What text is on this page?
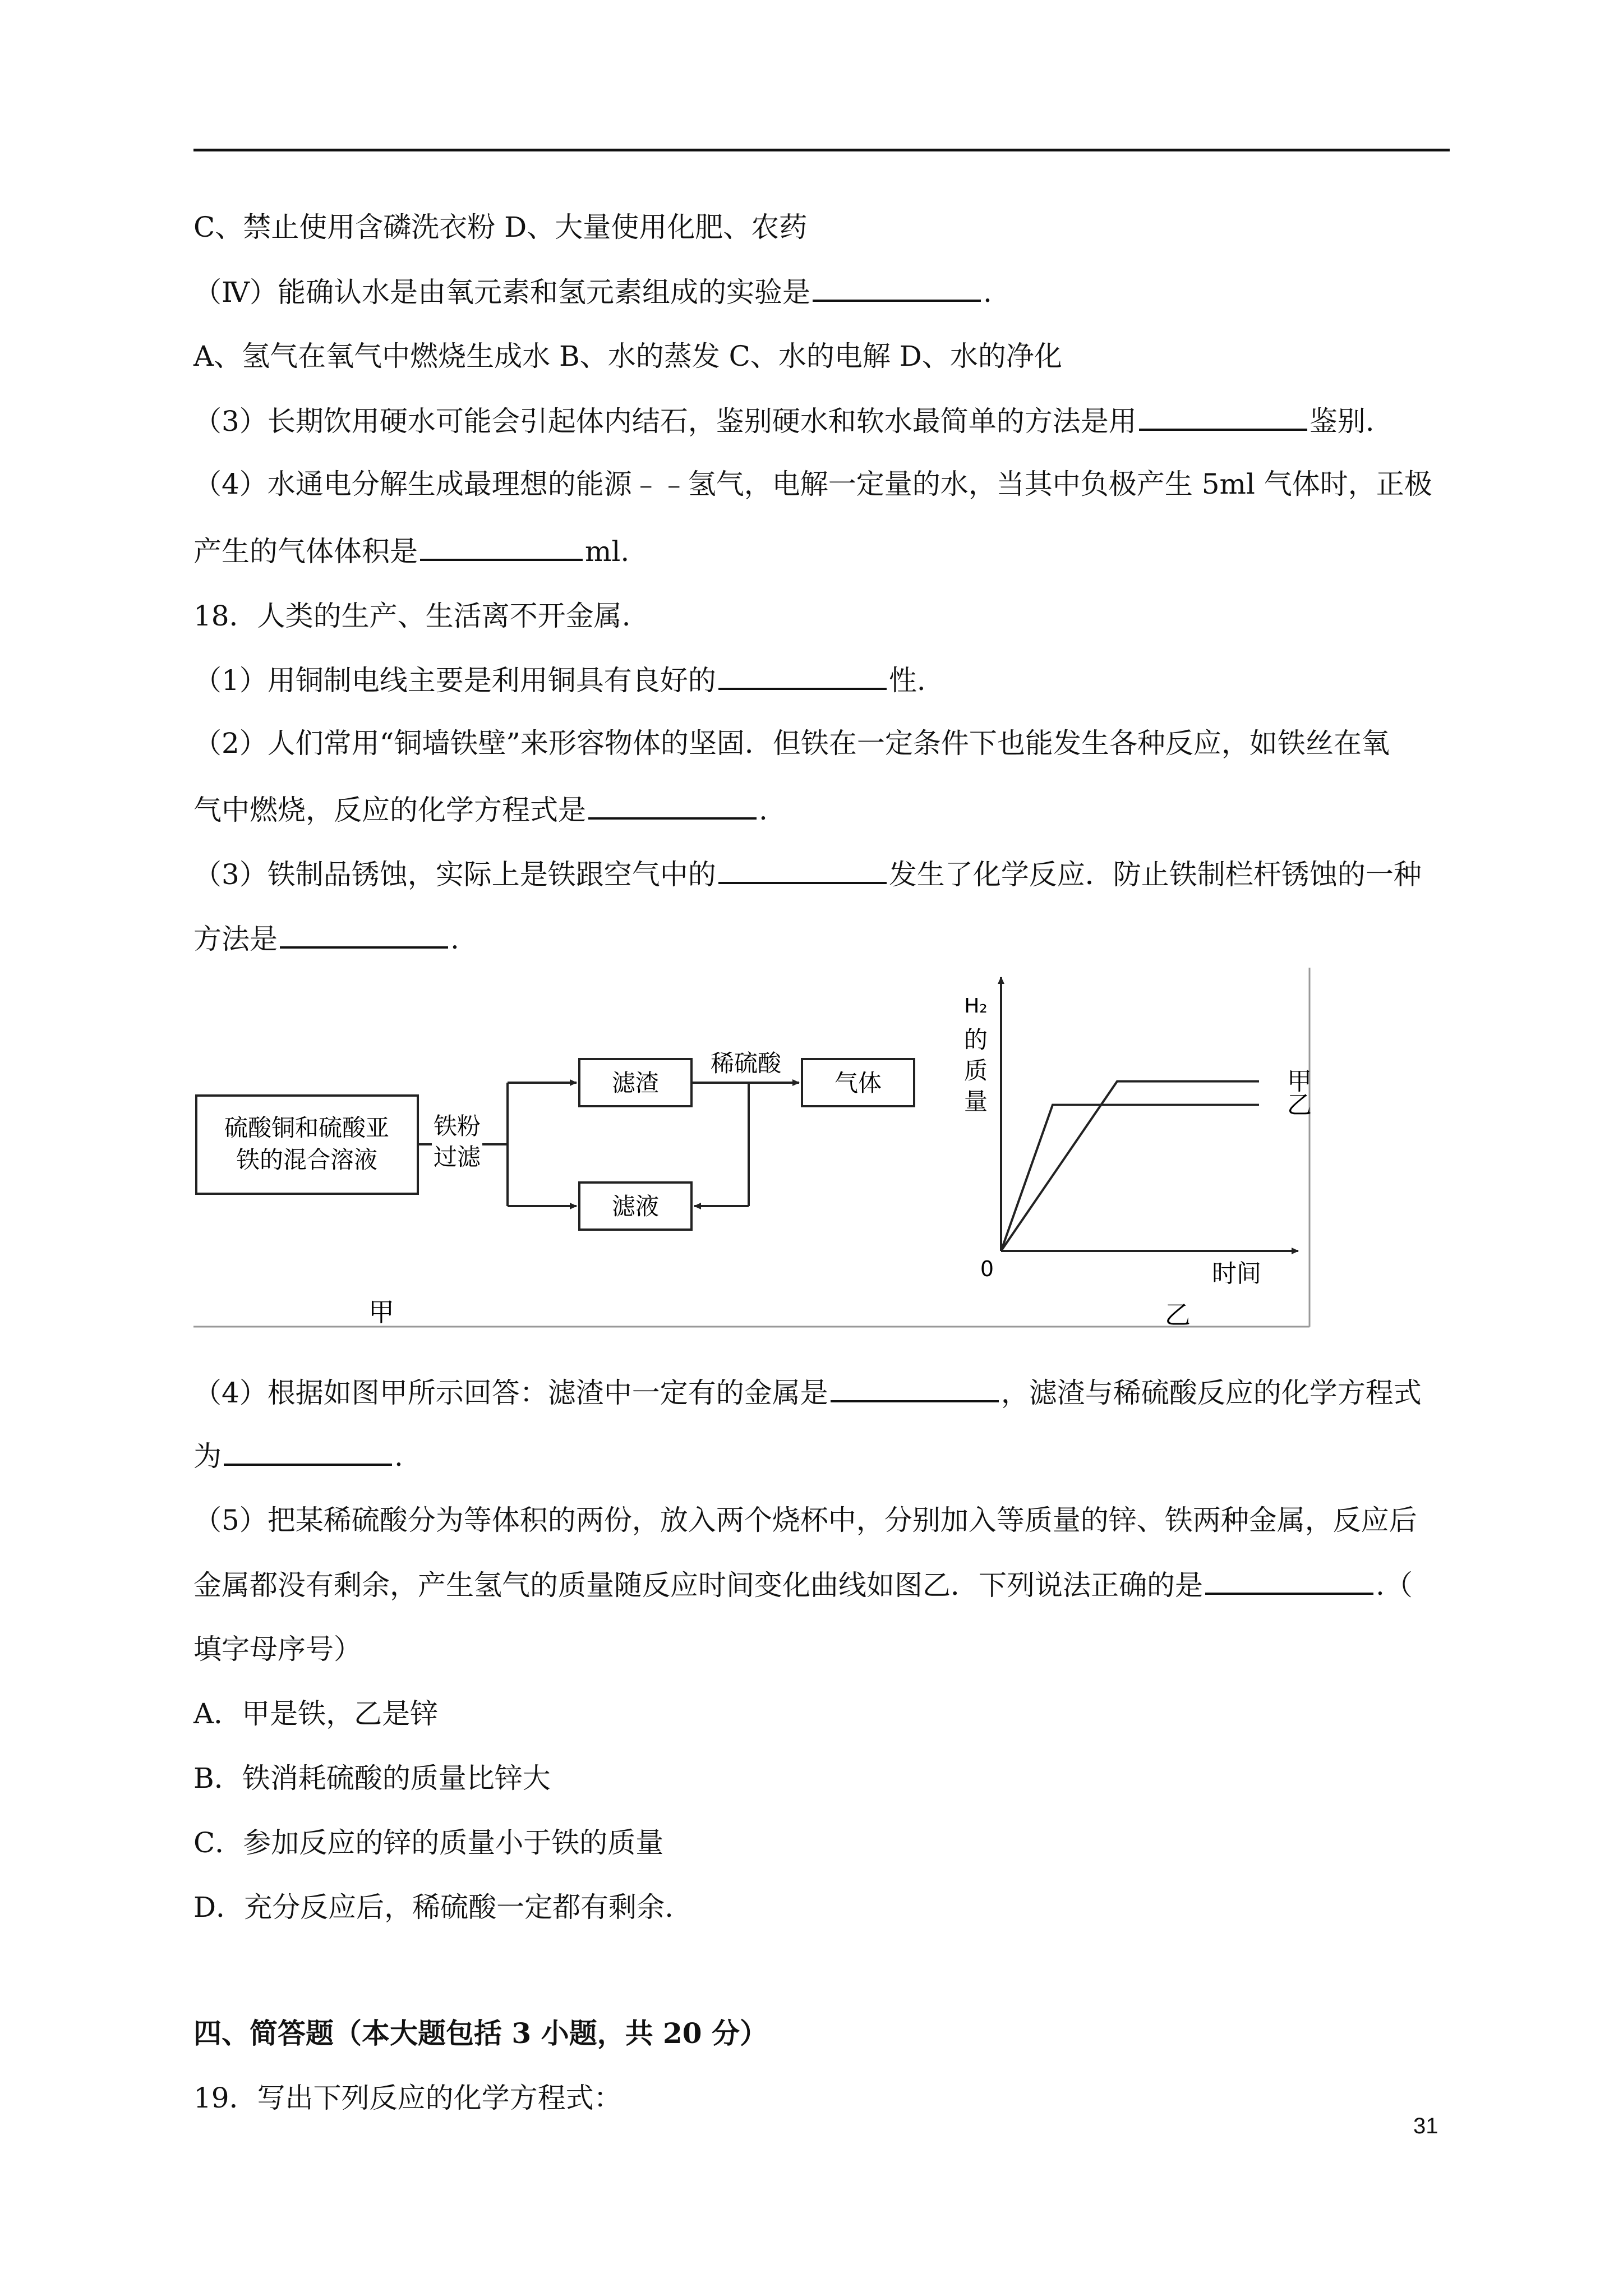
C、禁止使用含磷洗衣粉 D、大量使用化肥、农药
（Ⅳ）能确认水是由氧元素和氢元素组成的实验是	.
A、氢气在氧气中燃烧生成水 B、水的蒸发 C、水的电解 D、水的净化
（3）长期饮用硬水可能会引起体内结石，鉴别硬水和软水最简单的方法是用	鉴别.
（4）水通电分解生成最理想的能源﹣﹣氢气，电解一定量的水，当其中负极产生 5ml 气体时，正极
产生的气体体积是	ml.
18．人类的生产、生活离不开金属.
（1）用铜制电线主要是利用铜具有良好的	性.
（2）人们常用“铜墙铁壁”来形容物体的坚固．但铁在一定条件下也能发生各种反应，如铁丝在氧
气中燃烧，反应的化学方程式是	.
（3）铁制品锈蚀，实际上是铁跟空气中的	发生了化学反应．防止铁制栏杆锈蚀的一种
方法是	.
硫酸铜和硫酸亚
铁的混合溶液
铁粉
过滤
滤渣
滤液
稀硫酸
气体
甲
H₂
的
质
量
0	时间
甲
乙
乙
（4）根据如图甲所示回答：滤渣中一定有的金属是	，滤渣与稀硫酸反应的化学方程式
为	.
（5）把某稀硫酸分为等体积的两份，放入两个烧杯中，分别加入等质量的锌、铁两种金属，反应后
金属都没有剩余，产生氢气的质量随反应时间变化曲线如图乙．下列说法正确的是	.（
填字母序号）
A．甲是铁，乙是锌
B．铁消耗硫酸的质量比锌大
C．参加反应的锌的质量小于铁的质量
D．充分反应后，稀硫酸一定都有剩余.
四、简答题（本大题包括 3 小题，共 20 分）
19．写出下列反应的化学方程式：
31
